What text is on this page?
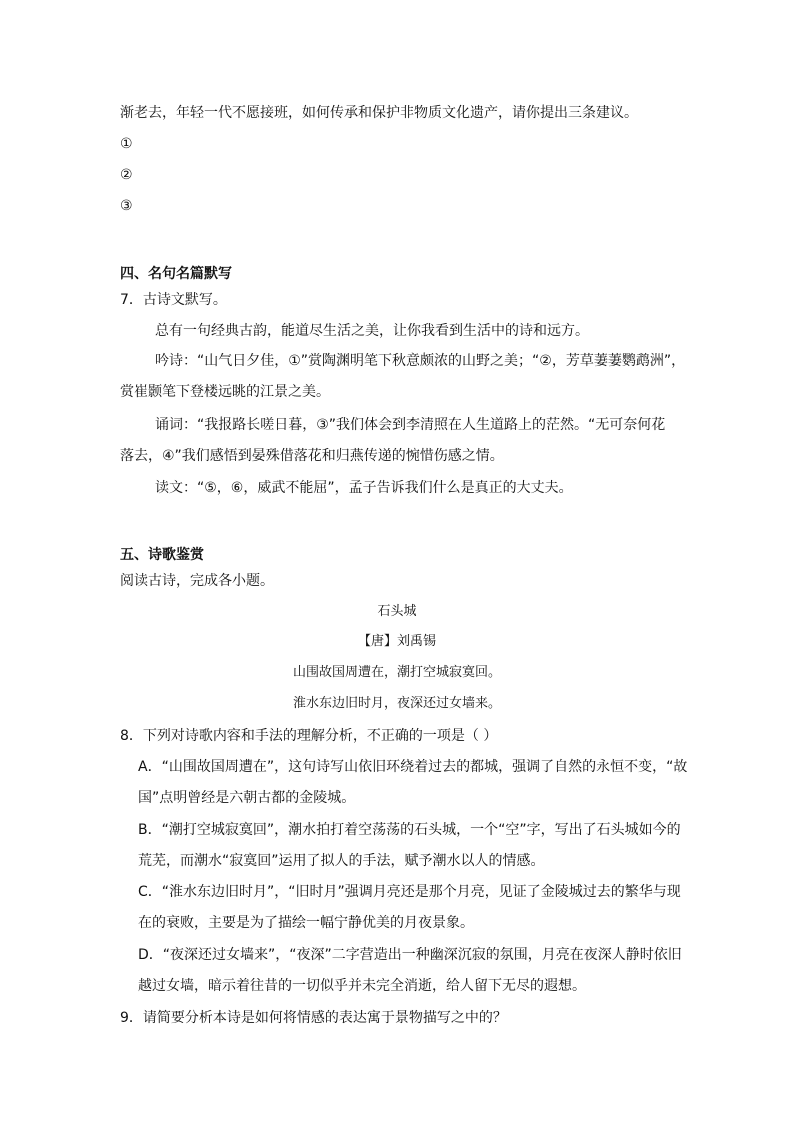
渐老去，年轻一代不愿接班，如何传承和保护非物质文化遗产，请你提出三条建议。
①
②
③
四、名句名篇默写
7．古诗文默写。
总有一句经典古韵，能道尽生活之美，让你我看到生活中的诗和远方。
吟诗：“山气日夕佳，①”赏陶渊明笔下秋意颇浓的山野之美；“②，芳草萋萋鹦鹉洲”，
赏崔颢笔下登楼远眺的江景之美。
诵词：“我报路长嗟日暮，③”我们体会到李清照在人生道路上的茫然。“无可奈何花
落去，④”我们感悟到晏殊借落花和归燕传递的惋惜伤感之情。
读文：“⑤，⑥，威武不能屈”，孟子告诉我们什么是真正的大丈夫。
五、诗歌鉴赏
阅读古诗，完成各小题。
石头城
【唐】刘禹锡
山围故国周遭在，潮打空城寂寞回。
淮水东边旧时月，夜深还过女墙来。
8．下列对诗歌内容和手法的理解分析，不正确的一项是（ ）
A．“山围故国周遭在”，这句诗写山依旧环绕着过去的都城，强调了自然的永恒不变，“故
国”点明曾经是六朝古都的金陵城。
B．“潮打空城寂寞回”，潮水拍打着空荡荡的石头城，一个“空”字，写出了石头城如今的
荒芜，而潮水“寂寞回”运用了拟人的手法，赋予潮水以人的情感。
C．“淮水东边旧时月”，“旧时月”强调月亮还是那个月亮，见证了金陵城过去的繁华与现
在的衰败，主要是为了描绘一幅宁静优美的月夜景象。
D．“夜深还过女墙来”，“夜深”二字营造出一种幽深沉寂的氛围，月亮在夜深人静时依旧
越过女墙，暗示着往昔的一切似乎并未完全消逝，给人留下无尽的遐想。
9．请简要分析本诗是如何将情感的表达寓于景物描写之中的？
